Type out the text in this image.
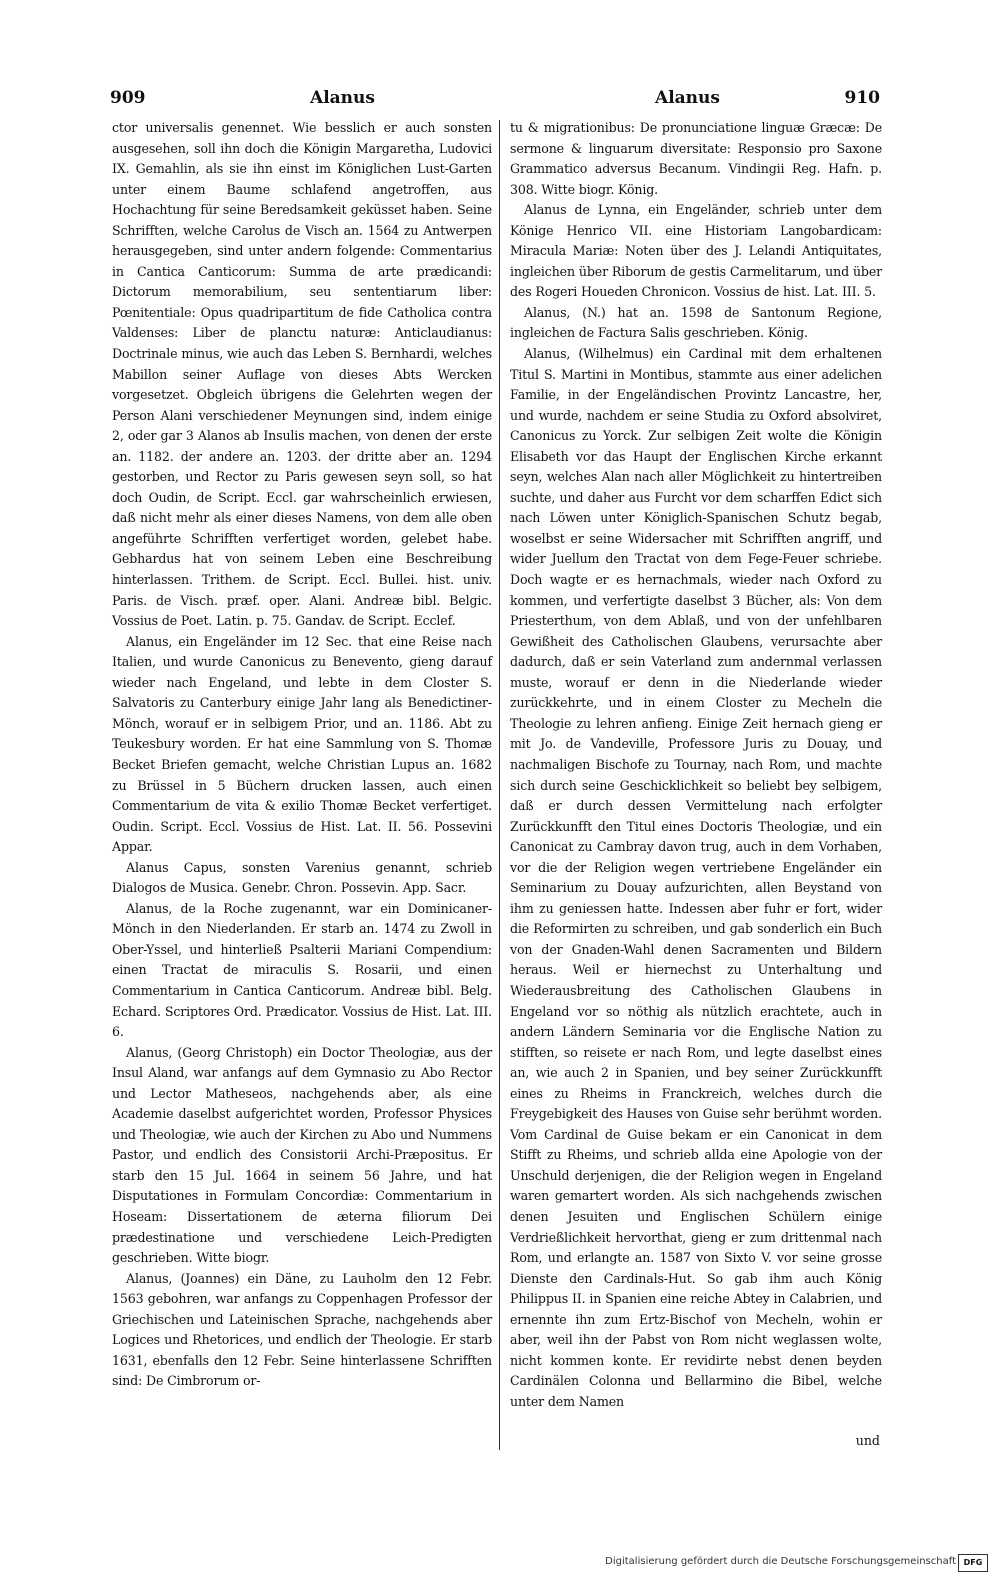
909	Alanus	Alanus	910

ctor universalis genennet. Wie besslich er auch sonsten ausgesehen, soll ihn doch die Königin Margaretha, Ludovici IX. Gemahlin, als sie ihn einst im Königlichen Lust-Garten unter einem Baume schlafend angetroffen, aus Hochachtung für seine Beredsamkeit geküsset haben. Seine Schrifften, welche Carolus de Visch an. 1564 zu Antwerpen herausgegeben, sind unter andern folgende: Commentarius in Cantica Canticorum: Summa de arte prædicandi: Dictorum memorabilium, seu sententiarum liber: Pœnitentiale: Opus quadripartitum de fide Catholica contra Valdenses: Liber de planctu naturæ: Anticlaudianus: Doctrinale minus, wie auch das Leben S. Bernhardi, welches Mabillon seiner Auflage von dieses Abts Wercken vorgesetzet. Obgleich übrigens die Gelehrten wegen der Person Alani verschiedener Meynungen sind, indem einige 2, oder gar 3 Alanos ab Insulis machen, von denen der erste an. 1182. der andere an. 1203. der dritte aber an. 1294 gestorben, und Rector zu Paris gewesen seyn soll, so hat doch Oudin, de Script. Eccl. gar wahrscheinlich erwiesen, daß nicht mehr als einer dieses Namens, von dem alle oben angeführte Schrifften verfertiget worden, gelebet habe. Gebhardus hat von seinem Leben eine Beschreibung hinterlassen. Trithem. de Script. Eccl. Bullei. hist. univ. Paris. de Visch. præf. oper. Alani. Andreæ bibl. Belgic. Vossius de Poet. Latin. p. 75. Gandav. de Script. Ecclef.

Alanus, ein Engeländer im 12 Sec. that eine Reise nach Italien, und wurde Canonicus zu Benevento, gieng darauf wieder nach Engeland, und lebte in dem Closter S. Salvatoris zu Canterbury einige Jahr lang als Benedictiner-Mönch, worauf er in selbigem Prior, und an. 1186. Abt zu Teukesbury worden. Er hat eine Sammlung von S. Thomæ Becket Briefen gemacht, welche Christian Lupus an. 1682 zu Brüssel in 5 Büchern drucken lassen, auch einen Commentarium de vita & exilio Thomæ Becket verfertiget. Oudin. Script. Eccl. Vossius de Hist. Lat. II. 56. Possevini Appar.

Alanus Capus, sonsten Varenius genannt, schrieb Dialogos de Musica. Genebr. Chron. Possevin. App. Sacr.

Alanus, de la Roche zugenannt, war ein Dominicaner-Mönch in den Niederlanden. Er starb an. 1474 zu Zwoll in Ober-Yssel, und hinterließ Psalterii Mariani Compendium: einen Tractat de miraculis S. Rosarii, und einen Commentarium in Cantica Canticorum. Andreæ bibl. Belg. Echard. Scriptores Ord. Prædicator. Vossius de Hist. Lat. III. 6.

Alanus, (Georg Christoph) ein Doctor Theologiæ, aus der Insul Aland, war anfangs auf dem Gymnasio zu Abo Rector und Lector Matheseos, nachgehends aber, als eine Academie daselbst aufgerichtet worden, Professor Physices und Theologiæ, wie auch der Kirchen zu Abo und Nummens Pastor, und endlich des Consistorii Archi-Præpositus. Er starb den 15 Jul. 1664 in seinem 56 Jahre, und hat Disputationes in Formulam Concordiæ: Commentarium in Hoseam: Dissertationem de æterna filiorum Dei prædestinatione und verschiedene Leich-Predigten geschrieben. Witte biogr.

Alanus, (Joannes) ein Däne, zu Lauholm den 12 Febr. 1563 gebohren, war anfangs zu Coppenhagen Professor der Griechischen und Lateinischen Sprache, nachgehends aber Logices und Rhetorices, und endlich der Theologie. Er starb 1631, ebenfalls den 12 Febr. Seine hinterlassene Schrifften sind: De Cimbrorum or-

tu & migrationibus: De pronunciatione linguæ Græcæ: De sermone & linguarum diversitate: Responsio pro Saxone Grammatico adversus Becanum. Vindingii Reg. Hafn. p. 308. Witte biogr. König.

Alanus de Lynna, ein Engeländer, schrieb unter dem Könige Henrico VII. eine Historiam Langobardicam: Miracula Mariæ: Noten über des J. Lelandi Antiquitates, ingleichen über Riborum de gestis Carmelitarum, und über des Rogeri Houeden Chronicon. Vossius de hist. Lat. III. 5.

Alanus, (N.) hat an. 1598 de Santonum Regione, ingleichen de Factura Salis geschrieben. König.

Alanus, (Wilhelmus) ein Cardinal mit dem erhaltenen Titul S. Martini in Montibus, stammte aus einer adelichen Familie, in der Engeländischen Provintz Lancastre, her, und wurde, nachdem er seine Studia zu Oxford absolviret, Canonicus zu Yorck. Zur selbigen Zeit wolte die Königin Elisabeth vor das Haupt der Englischen Kirche erkannt seyn, welches Alan nach aller Möglichkeit zu hintertreiben suchte, und daher aus Furcht vor dem scharffen Edict sich nach Löwen unter Königlich-Spanischen Schutz begab, woselbst er seine Widersacher mit Schrifften angriff, und wider Juellum den Tractat von dem Fege-Feuer schriebe. Doch wagte er es hernachmals, wieder nach Oxford zu kommen, und verfertigte daselbst 3 Bücher, als: Von dem Priesterthum, von dem Ablaß, und von der unfehlbaren Gewißheit des Catholischen Glaubens, verursachte aber dadurch, daß er sein Vaterland zum andernmal verlassen muste, worauf er denn in die Niederlande wieder zurückkehrte, und in einem Closter zu Mecheln die Theologie zu lehren anfieng. Einige Zeit hernach gieng er mit Jo. de Vandeville, Professore Juris zu Douay, und nachmaligen Bischofe zu Tournay, nach Rom, und machte sich durch seine Geschicklichkeit so beliebt bey selbigem, daß er durch dessen Vermittelung nach erfolgter Zurückkunfft den Titul eines Doctoris Theologiæ, und ein Canonicat zu Cambray davon trug, auch in dem Vorhaben, vor die der Religion wegen vertriebene Engeländer ein Seminarium zu Douay aufzurichten, allen Beystand von ihm zu geniessen hatte. Indessen aber fuhr er fort, wider die Reformirten zu schreiben, und gab sonderlich ein Buch von der Gnaden-Wahl denen Sacramenten und Bildern heraus. Weil er hiernechst zu Unterhaltung und Wiederausbreitung des Catholischen Glaubens in Engeland vor so nöthig als nützlich erachtete, auch in andern Ländern Seminaria vor die Englische Nation zu stifften, so reisete er nach Rom, und legte daselbst eines an, wie auch 2 in Spanien, und bey seiner Zurückkunfft eines zu Rheims in Franckreich, welches durch die Freygebigkeit des Hauses von Guise sehr berühmt worden. Vom Cardinal de Guise bekam er ein Canonicat in dem Stifft zu Rheims, und schrieb allda eine Apologie von der Unschuld derjenigen, die der Religion wegen in Engeland waren gemartert worden. Als sich nachgehends zwischen denen Jesuiten und Englischen Schülern einige Verdrießlichkeit hervorthat, gieng er zum drittenmal nach Rom, und erlangte an. 1587 von Sixto V. vor seine grosse Dienste den Cardinals-Hut. So gab ihm auch König Philippus II. in Spanien eine reiche Abtey in Calabrien, und ernennte ihn zum Ertz-Bischof von Mecheln, wohin er aber, weil ihn der Pabst von Rom nicht weglassen wolte, nicht kommen konte. Er revidirte nebst denen beyden Cardinälen Colonna und Bellarmino die Bibel, welche unter dem Namen

und
Digitalisierung gefördert durch die Deutsche Forschungsgemeinschaft DFG
